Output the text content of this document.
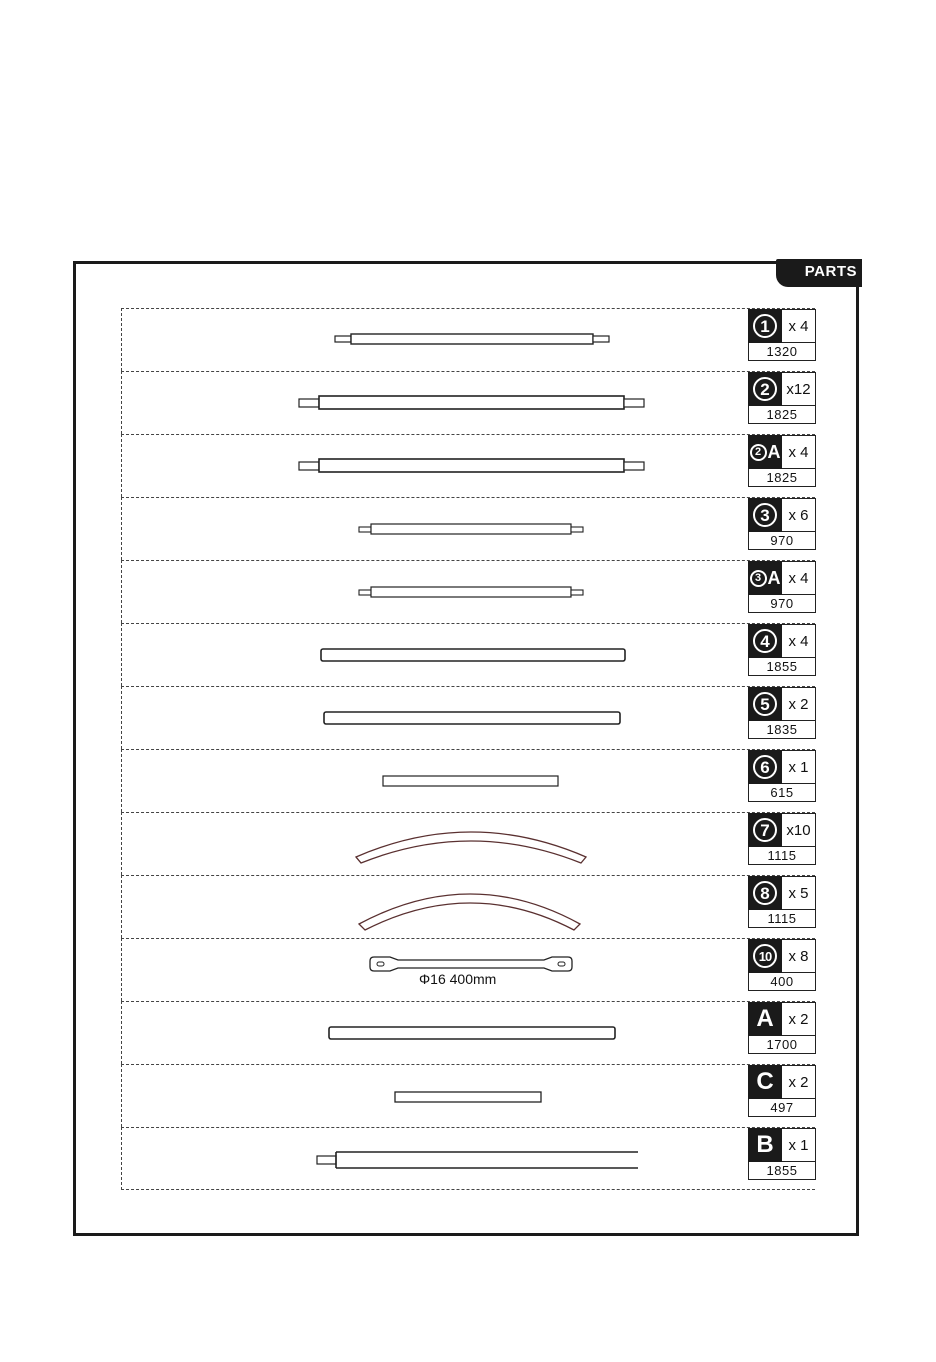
PARTS
1	x 4
1320
2	x12
1825
2 A x 4
1825
3	x 6
970
3 A x 4
970
4	x 4
1855
5	x 2
1835
6	x 1
615
7	x10
1115
8	x 5
1115
Φ16 400mm
10	x 8
400
A x 2
1700
C x 2
497
B x 1
1855
